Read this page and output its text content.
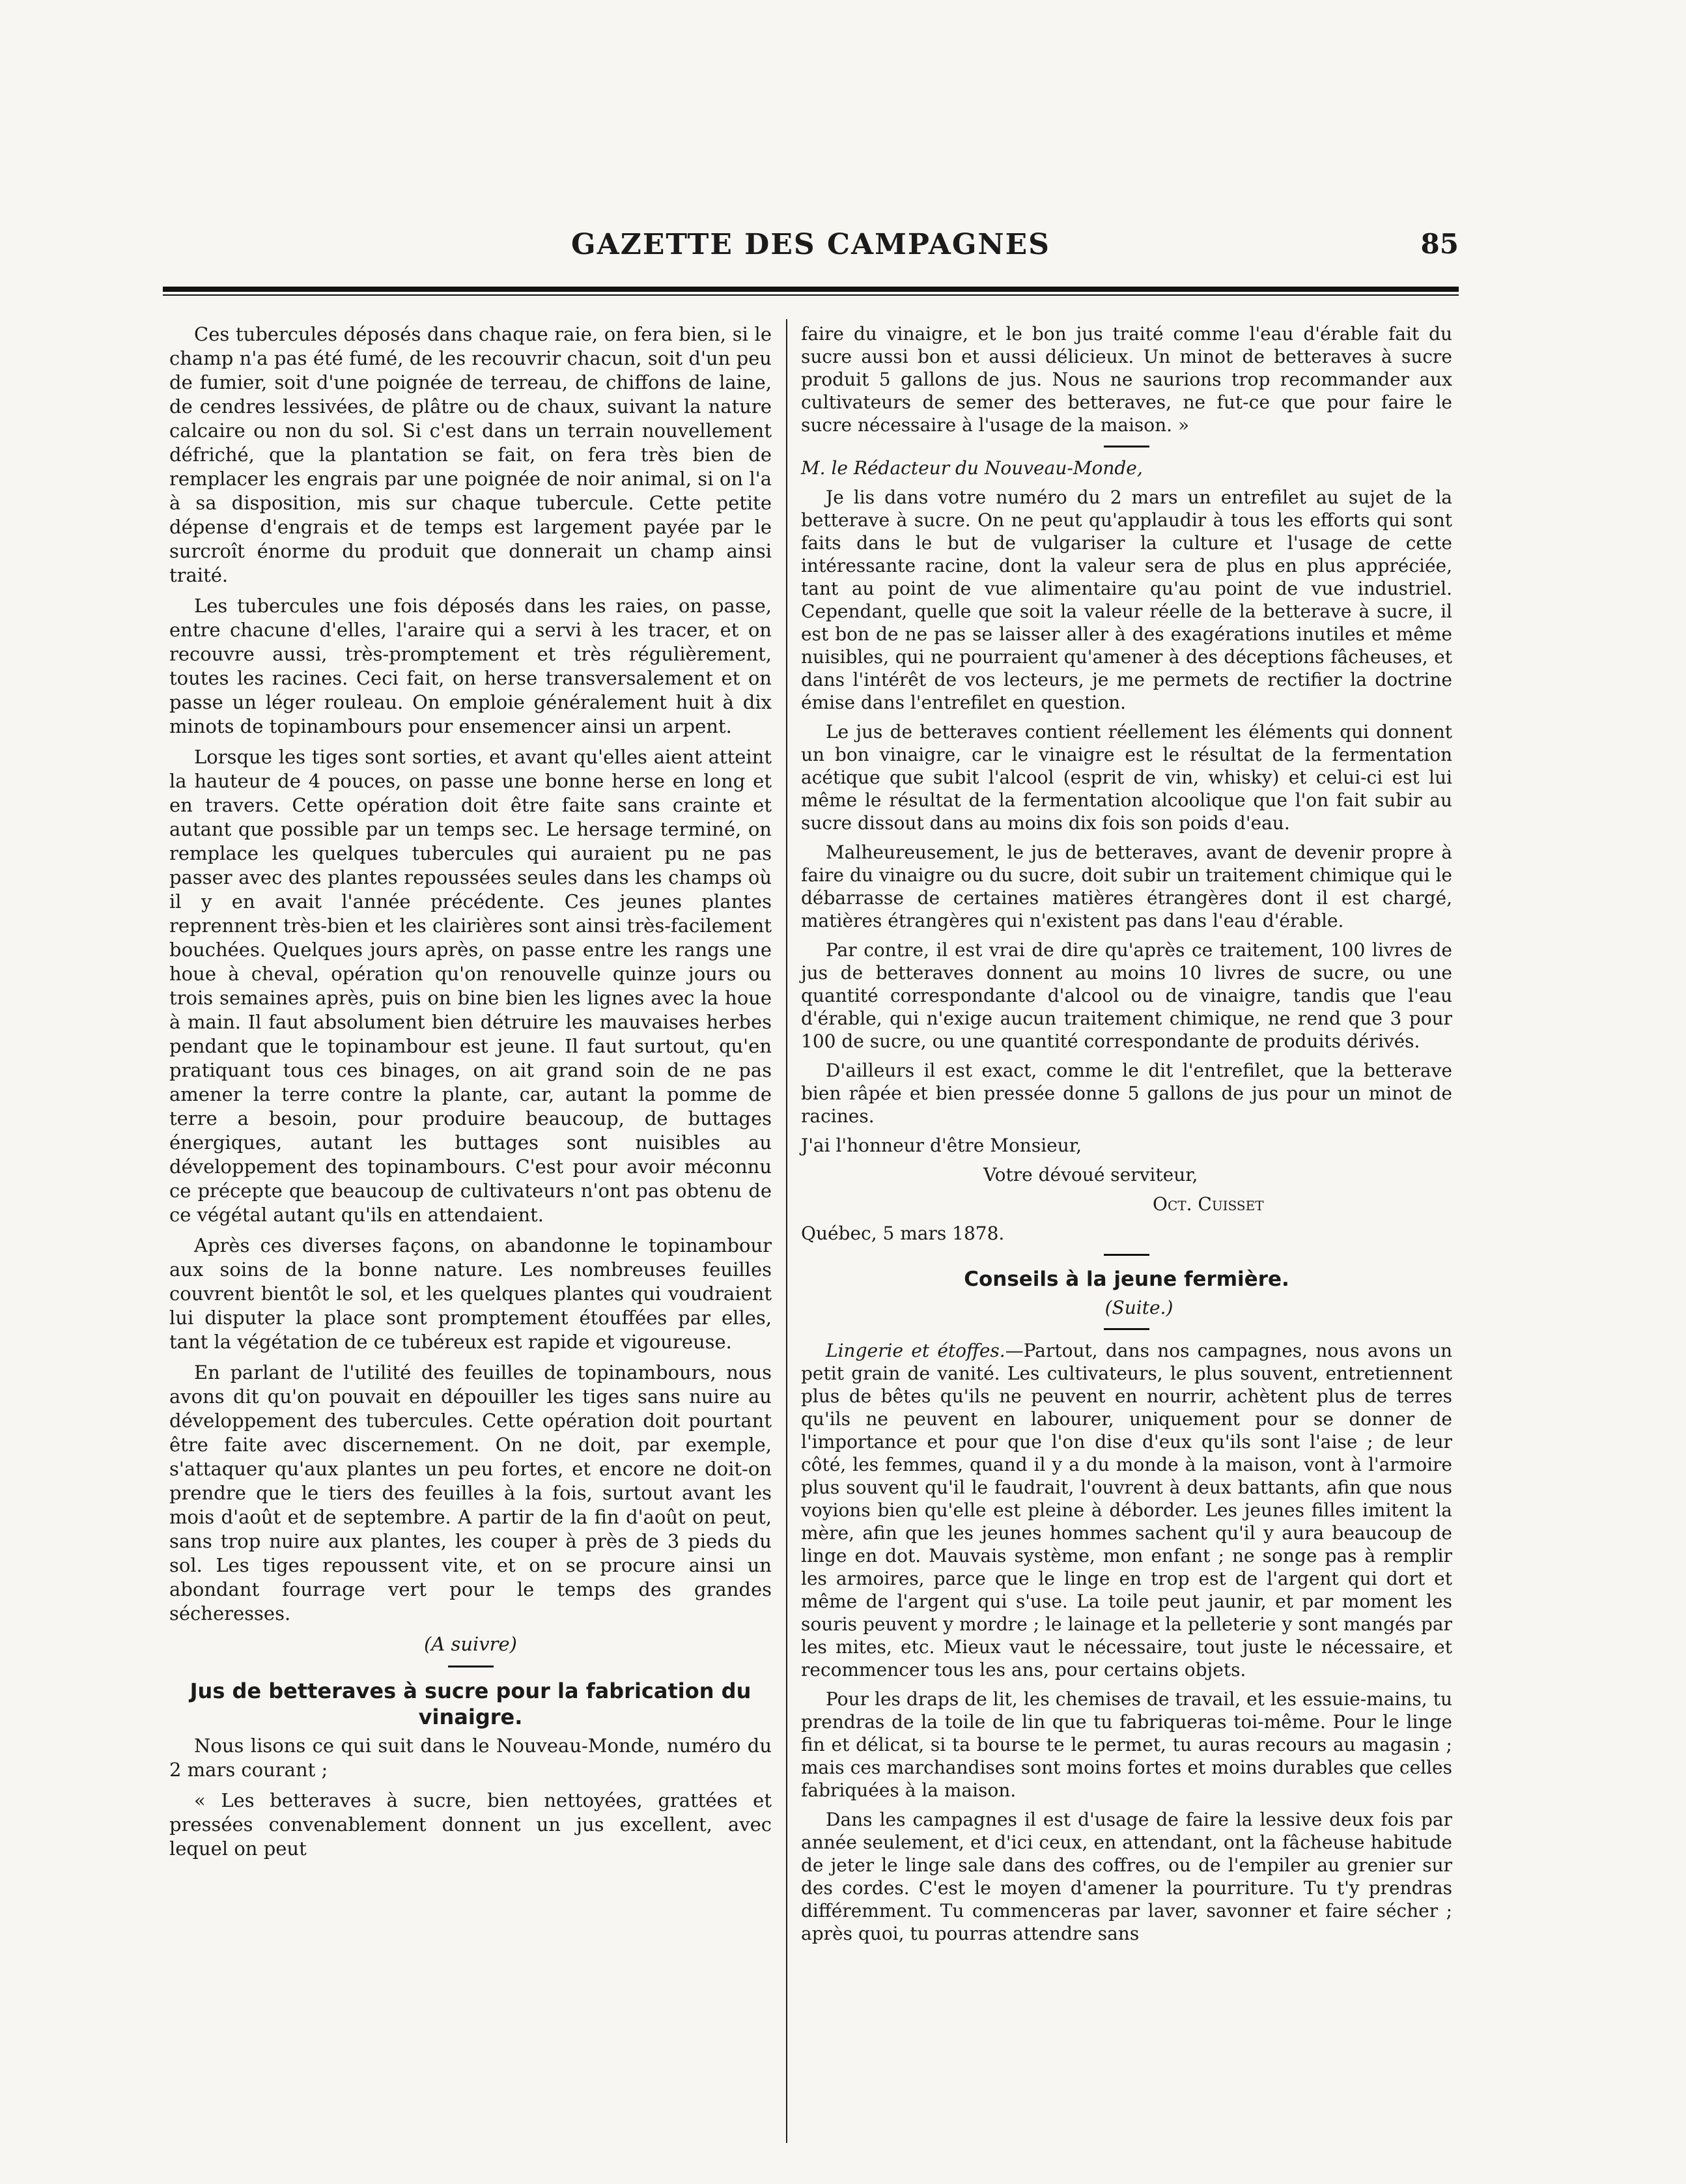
GAZETTE DES CAMPAGNES	85

Ces tubercules déposés dans chaque raie, on fera bien, si le champ n'a pas été fumé, de les recouvrir chacun, soit d'un peu de fumier, soit d'une poignée de terreau, de chiffons de laine, de cendres lessivées, de plâtre ou de chaux, suivant la nature calcaire ou non du sol. Si c'est dans un terrain nouvellement défriché, que la plantation se fait, on fera très bien de remplacer les engrais par une poignée de noir animal, si on l'a à sa disposition, mis sur chaque tubercule. Cette petite dépense d'engrais et de temps est largement payée par le surcroît énorme du produit que donnerait un champ ainsi traité.

Les tubercules une fois déposés dans les raies, on passe, entre chacune d'elles, l'araire qui a servi à les tracer, et on recouvre aussi, très-promptement et très régulièrement, toutes les racines. Ceci fait, on herse transversalement et on passe un léger rouleau. On emploie généralement huit à dix minots de topinambours pour ensemencer ainsi un arpent.

Lorsque les tiges sont sorties, et avant qu'elles aient atteint la hauteur de 4 pouces, on passe une bonne herse en long et en travers. Cette opération doit être faite sans crainte et autant que possible par un temps sec. Le hersage terminé, on remplace les quelques tubercules qui auraient pu ne pas passer avec des plantes repoussées seules dans les champs où il y en avait l'année précédente. Ces jeunes plantes reprennent très-bien et les clairières sont ainsi très-facilement bouchées. Quelques jours après, on passe entre les rangs une houe à cheval, opération qu'on renouvelle quinze jours ou trois semaines après, puis on bine bien les lignes avec la houe à main. Il faut absolument bien détruire les mauvaises herbes pendant que le topinambour est jeune. Il faut surtout, qu'en pratiquant tous ces binages, on ait grand soin de ne pas amener la terre contre la plante, car, autant la pomme de terre a besoin, pour produire beaucoup, de buttages énergiques, autant les buttages sont nuisibles au développement des topinambours. C'est pour avoir méconnu ce précepte que beaucoup de cultivateurs n'ont pas obtenu de ce végétal autant qu'ils en attendaient.

Après ces diverses façons, on abandonne le topinambour aux soins de la bonne nature. Les nombreuses feuilles couvrent bientôt le sol, et les quelques plantes qui voudraient lui disputer la place sont promptement étouffées par elles, tant la végétation de ce tubéreux est rapide et vigoureuse.

En parlant de l'utilité des feuilles de topinambours, nous avons dit qu'on pouvait en dépouiller les tiges sans nuire au développement des tubercules. Cette opération doit pourtant être faite avec discernement. On ne doit, par exemple, s'attaquer qu'aux plantes un peu fortes, et encore ne doit-on prendre que le tiers des feuilles à la fois, surtout avant les mois d'août et de septembre. A partir de la fin d'août on peut, sans trop nuire aux plantes, les couper à près de 3 pieds du sol. Les tiges repoussent vite, et on se procure ainsi un abondant fourrage vert pour le temps des grandes sécheresses.

(A suivre)

Jus de betteraves à sucre pour la fabrication du vinaigre.

Nous lisons ce qui suit dans le Nouveau-Monde, numéro du 2 mars courant ;

« Les betteraves à sucre, bien nettoyées, grattées et pressées convenablement donnent un jus excellent, avec lequel on peut

faire du vinaigre, et le bon jus traité comme l'eau d'érable fait du sucre aussi bon et aussi délicieux. Un minot de betteraves à sucre produit 5 gallons de jus. Nous ne saurions trop recommander aux cultivateurs de semer des betteraves, ne fut-ce que pour faire le sucre nécessaire à l'usage de la maison. »

M. le Rédacteur du Nouveau-Monde,

Je lis dans votre numéro du 2 mars un entrefilet au sujet de la betterave à sucre. On ne peut qu'applaudir à tous les efforts qui sont faits dans le but de vulgariser la culture et l'usage de cette intéressante racine, dont la valeur sera de plus en plus appréciée, tant au point de vue alimentaire qu'au point de vue industriel. Cependant, quelle que soit la valeur réelle de la betterave à sucre, il est bon de ne pas se laisser aller à des exagérations inutiles et même nuisibles, qui ne pourraient qu'amener à des déceptions fâcheuses, et dans l'intérêt de vos lecteurs, je me permets de rectifier la doctrine émise dans l'entrefilet en question.

Le jus de betteraves contient réellement les éléments qui donnent un bon vinaigre, car le vinaigre est le résultat de la fermentation acétique que subit l'alcool (esprit de vin, whisky) et celui-ci est lui même le résultat de la fermentation alcoolique que l'on fait subir au sucre dissout dans au moins dix fois son poids d'eau.

Malheureusement, le jus de betteraves, avant de devenir propre à faire du vinaigre ou du sucre, doit subir un traitement chimique qui le débarrasse de certaines matières étrangères dont il est chargé, matières étrangères qui n'existent pas dans l'eau d'érable.

Par contre, il est vrai de dire qu'après ce traitement, 100 livres de jus de betteraves donnent au moins 10 livres de sucre, ou une quantité correspondante d'alcool ou de vinaigre, tandis que l'eau d'érable, qui n'exige aucun traitement chimique, ne rend que 3 pour 100 de sucre, ou une quantité correspondante de produits dérivés.

D'ailleurs il est exact, comme le dit l'entrefilet, que la betterave bien râpée et bien pressée donne 5 gallons de jus pour un minot de racines.

J'ai l'honneur d'être Monsieur,

Votre dévoué serviteur,

Oct. Cuisset

Québec, 5 mars 1878.

Conseils à la jeune fermière.

(Suite.)

Lingerie et étoffes.—Partout, dans nos campagnes, nous avons un petit grain de vanité. Les cultivateurs, le plus souvent, entretiennent plus de bêtes qu'ils ne peuvent en nourrir, achètent plus de terres qu'ils ne peuvent en labourer, uniquement pour se donner de l'importance et pour que l'on dise d'eux qu'ils sont l'aise ; de leur côté, les femmes, quand il y a du monde à la maison, vont à l'armoire plus souvent qu'il le faudrait, l'ouvrent à deux battants, afin que nous voyions bien qu'elle est pleine à déborder. Les jeunes filles imitent la mère, afin que les jeunes hommes sachent qu'il y aura beaucoup de linge en dot. Mauvais système, mon enfant ; ne songe pas à remplir les armoires, parce que le linge en trop est de l'argent qui dort et même de l'argent qui s'use. La toile peut jaunir, et par moment les souris peuvent y mordre ; le lainage et la pelleterie y sont mangés par les mites, etc. Mieux vaut le nécessaire, tout juste le nécessaire, et recommencer tous les ans, pour certains objets.

Pour les draps de lit, les chemises de travail, et les essuie-mains, tu prendras de la toile de lin que tu fabriqueras toi-même. Pour le linge fin et délicat, si ta bourse te le permet, tu auras recours au magasin ; mais ces marchandises sont moins fortes et moins durables que celles fabriquées à la maison.

Dans les campagnes il est d'usage de faire la lessive deux fois par année seulement, et d'ici ceux, en attendant, ont la fâcheuse habitude de jeter le linge sale dans des coffres, ou de l'empiler au grenier sur des cordes. C'est le moyen d'amener la pourriture. Tu t'y prendras différemment. Tu commenceras par laver, savonner et faire sécher ; après quoi, tu pourras attendre sans
